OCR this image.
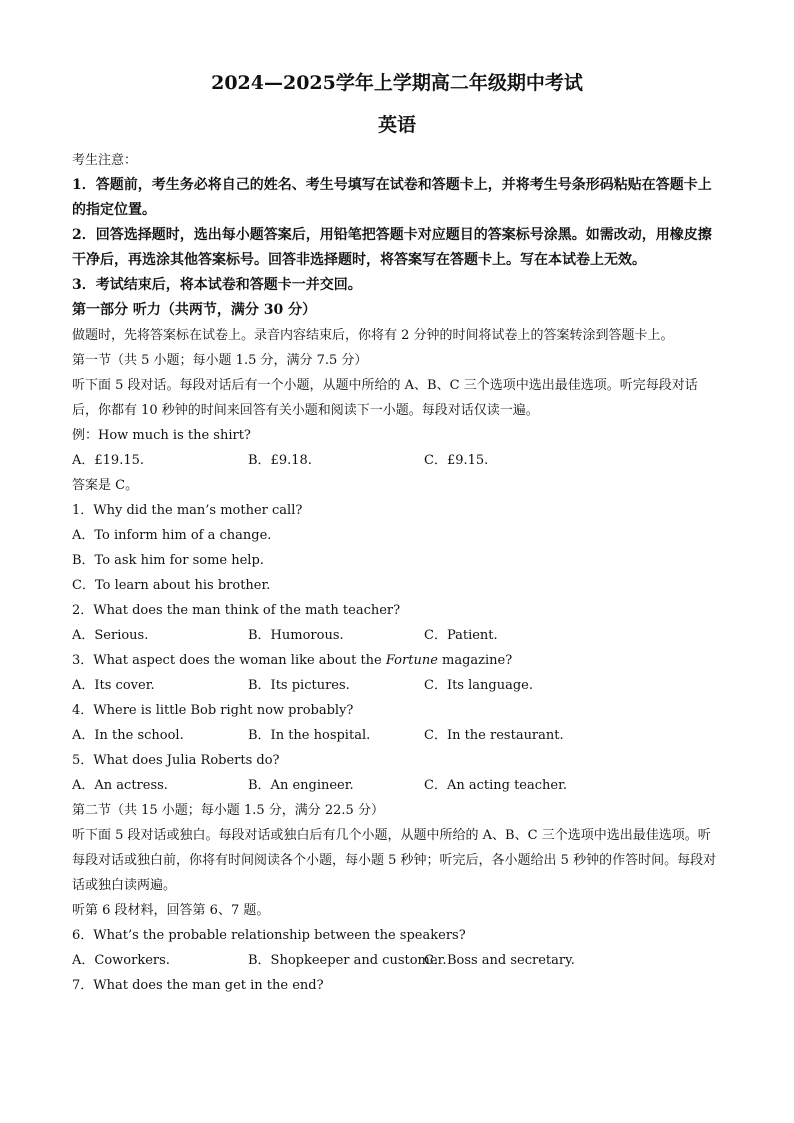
2024—2025学年上学期高二年级期中考试
英语
考生注意：
1．答题前，考生务必将自己的姓名、考生号填写在试卷和答题卡上，并将考生号条形码粘贴在答题卡上的指定位置。
2．回答选择题时，选出每小题答案后，用铅笔把答题卡对应题目的答案标号涂黑。如需改动，用橡皮擦干净后，再选涂其他答案标号。回答非选择题时，将答案写在答题卡上。写在本试卷上无效。
3．考试结束后，将本试卷和答题卡一并交回。
第一部分 听力（共两节，满分 30 分）
做题时，先将答案标在试卷上。录音内容结束后，你将有 2 分钟的时间将试卷上的答案转涂到答题卡上。
第一节（共 5 小题；每小题 1.5 分，满分 7.5 分）
听下面 5 段对话。每段对话后有一个小题，从题中所给的 A、B、C 三个选项中选出最佳选项。听完每段对话后，你都有 10 秒钟的时间来回答有关小题和阅读下一小题。每段对话仅读一遍。
例：How much is the shirt?
A．£19.15.	B．£9.18.	C．£9.15.
答案是 C。
1．Why did the man’s mother call?
A．To inform him of a change.
B．To ask him for some help.
C．To learn about his brother.
2．What does the man think of the math teacher?
A．Serious.	B．Humorous.	C．Patient.
3．What aspect does the woman like about the Fortune magazine?
A．Its cover.	B．Its pictures.	C．Its language.
4．Where is little Bob right now probably?
A．In the school.	B．In the hospital.	C．In the restaurant.
5．What does Julia Roberts do?
A．An actress.	B．An engineer.	C．An acting teacher.
第二节（共 15 小题；每小题 1.5 分，满分 22.5 分）
听下面 5 段对话或独白。每段对话或独白后有几个小题，从题中所给的 A、B、C 三个选项中选出最佳选项。听每段对话或独白前，你将有时间阅读各个小题，每小题 5 秒钟；听完后，各小题给出 5 秒钟的作答时间。每段对话或独白读两遍。
听第 6 段材料，回答第 6、7 题。
6．What’s the probable relationship between the speakers?
A．Coworkers.	B．Shopkeeper and customer.
C．Boss and secretary.
7．What does the man get in the end?
